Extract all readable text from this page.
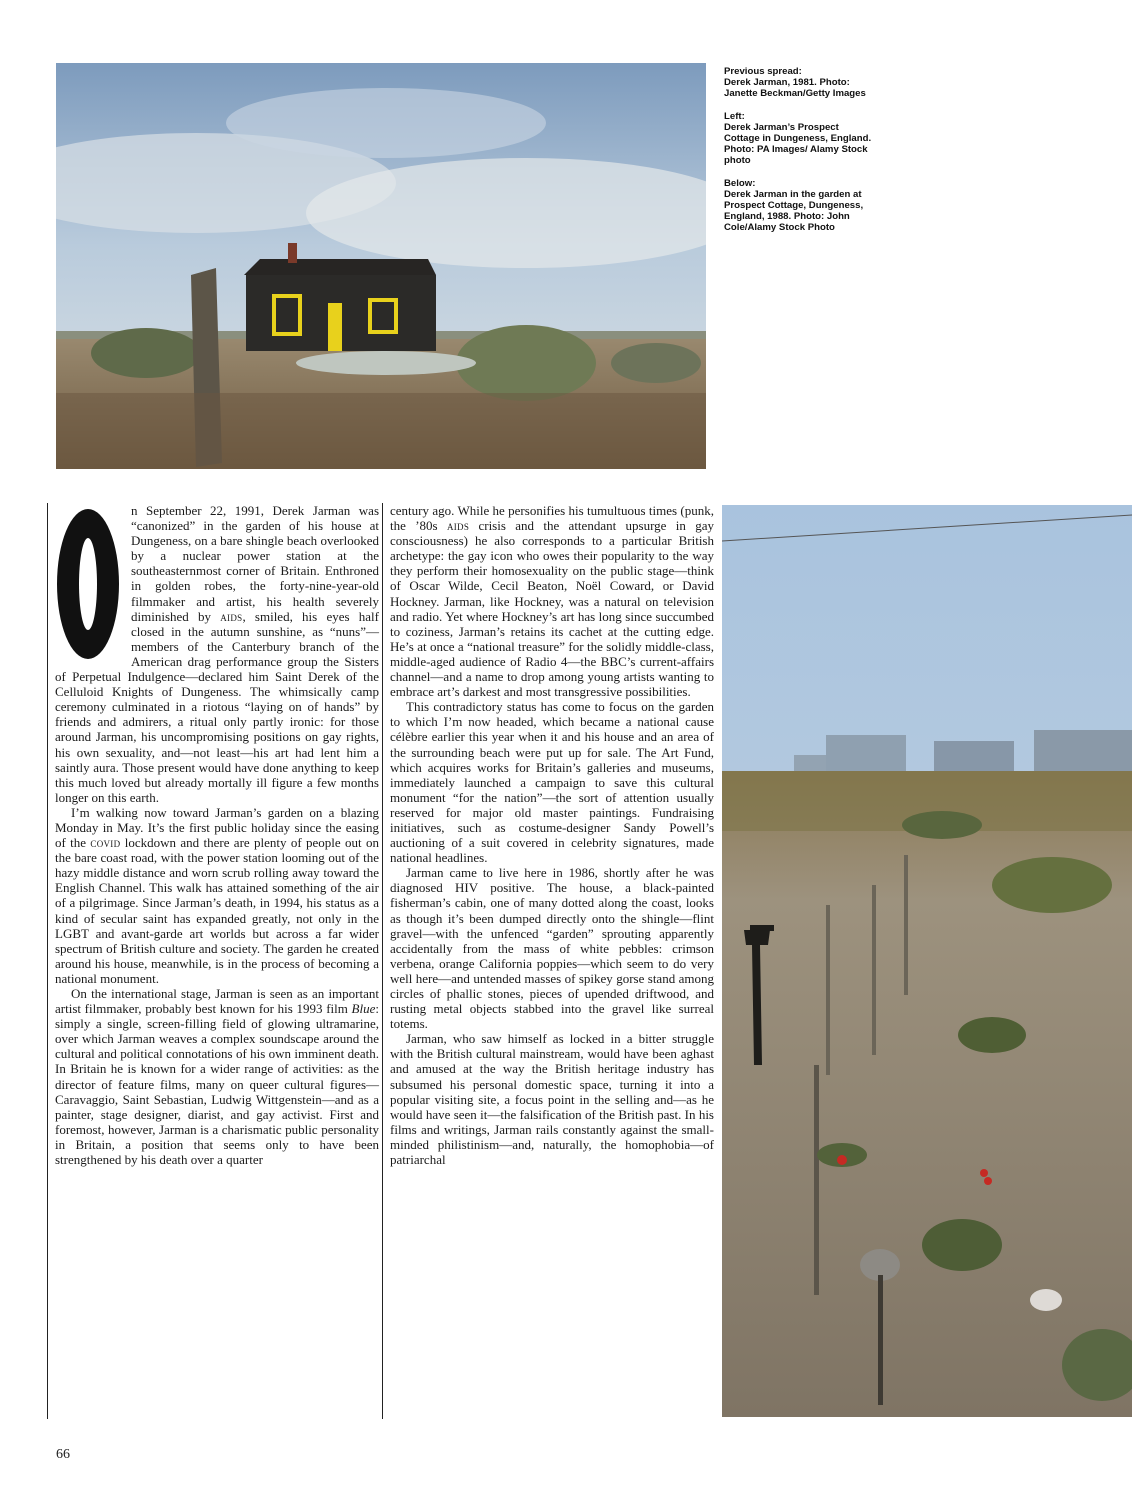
Previous spread:
Derek Jarman, 1981. Photo: Janette Beckman/Getty Images

Left:
Derek Jarman’s Prospect Cottage in Dungeness, England. Photo: PA Images/ Alamy Stock photo

Below:
Derek Jarman in the garden at Prospect Cottage, Dungeness, England, 1988. Photo: John Cole/Alamy Stock Photo

O
n September 22, 1991, Derek Jarman was “canonized” in the garden of his house at Dungeness, on a bare shingle beach overlooked by a nuclear power station at the southeasternmost corner of Britain. Enthroned in golden robes, the forty-nine-year-old filmmaker and artist, his health severely diminished by aids, smiled, his eyes half closed in the autumn sunshine, as “nuns”—members of the Canterbury branch of the American drag performance group the Sisters of Perpetual Indulgence—declared him Saint Derek of the Celluloid Knights of Dungeness. The whimsically camp ceremony culminated in a riotous “laying on of hands” by friends and admirers, a ritual only partly ironic: for those around Jarman, his uncompromising positions on gay rights, his own sexuality, and—not least—his art had lent him a saintly aura. Those present would have done anything to keep this much loved but already mortally ill figure a few months longer on this earth.

I’m walking now toward Jarman’s garden on a blazing Monday in May. It’s the first public holiday since the easing of the covid lockdown and there are plenty of people out on the bare coast road, with the power station looming out of the hazy middle distance and worn scrub rolling away toward the English Channel. This walk has attained something of the air of a pilgrimage. Since Jarman’s death, in 1994, his status as a kind of secular saint has expanded greatly, not only in the LGBT and avant-garde art worlds but across a far wider spectrum of British culture and society. The garden he created around his house, meanwhile, is in the process of becoming a national monument.

On the international stage, Jarman is seen as an important artist filmmaker, probably best known for his 1993 film Blue: simply a single, screen-filling field of glowing ultramarine, over which Jarman weaves a complex soundscape around the cultural and political connotations of his own imminent death. In Britain he is known for a wider range of activities: as the director of feature films, many on queer cultural figures—Caravaggio, Saint Sebastian, Ludwig Wittgenstein—and as a painter, stage designer, diarist, and gay activist. First and foremost, however, Jarman is a charismatic public personality in Britain, a position that seems only to have been strengthened by his death over a quarter

century ago. While he personifies his tumultuous times (punk, the ’80s aids crisis and the attendant upsurge in gay consciousness) he also corresponds to a particular British archetype: the gay icon who owes their popularity to the way they perform their homosexuality on the public stage—think of Oscar Wilde, Cecil Beaton, Noël Coward, or David Hockney. Jarman, like Hockney, was a natural on television and radio. Yet where Hockney’s art has long since succumbed to coziness, Jarman’s retains its cachet at the cutting edge. He’s at once a “national treasure” for the solidly middle-class, middle-aged audience of Radio 4—the BBC’s current-affairs channel—and a name to drop among young artists wanting to embrace art’s darkest and most transgressive possibilities.

This contradictory status has come to focus on the garden to which I’m now headed, which became a national cause célèbre earlier this year when it and his house and an area of the surrounding beach were put up for sale. The Art Fund, which acquires works for Britain’s galleries and museums, immediately launched a campaign to save this cultural monument “for the nation”—the sort of attention usually reserved for major old master paintings. Fundraising initiatives, such as costume-designer Sandy Powell’s auctioning of a suit covered in celebrity signatures, made national headlines.

Jarman came to live here in 1986, shortly after he was diagnosed HIV positive. The house, a black-painted fisherman’s cabin, one of many dotted along the coast, looks as though it’s been dumped directly onto the shingle—flint gravel—with the unfenced “garden” sprouting apparently accidentally from the mass of white pebbles: crimson verbena, orange California poppies—which seem to do very well here—and untended masses of spikey gorse stand among circles of phallic stones, pieces of upended driftwood, and rusting metal objects stabbed into the gravel like surreal totems.

Jarman, who saw himself as locked in a bitter struggle with the British cultural mainstream, would have been aghast and amused at the way the British heritage industry has subsumed his personal domestic space, turning it into a popular visiting site, a focus point in the selling and—as he would have seen it—the falsification of the British past. In his films and writings, Jarman rails constantly against the small-minded philistinism—and, naturally, the homophobia—of patriarchal

66
